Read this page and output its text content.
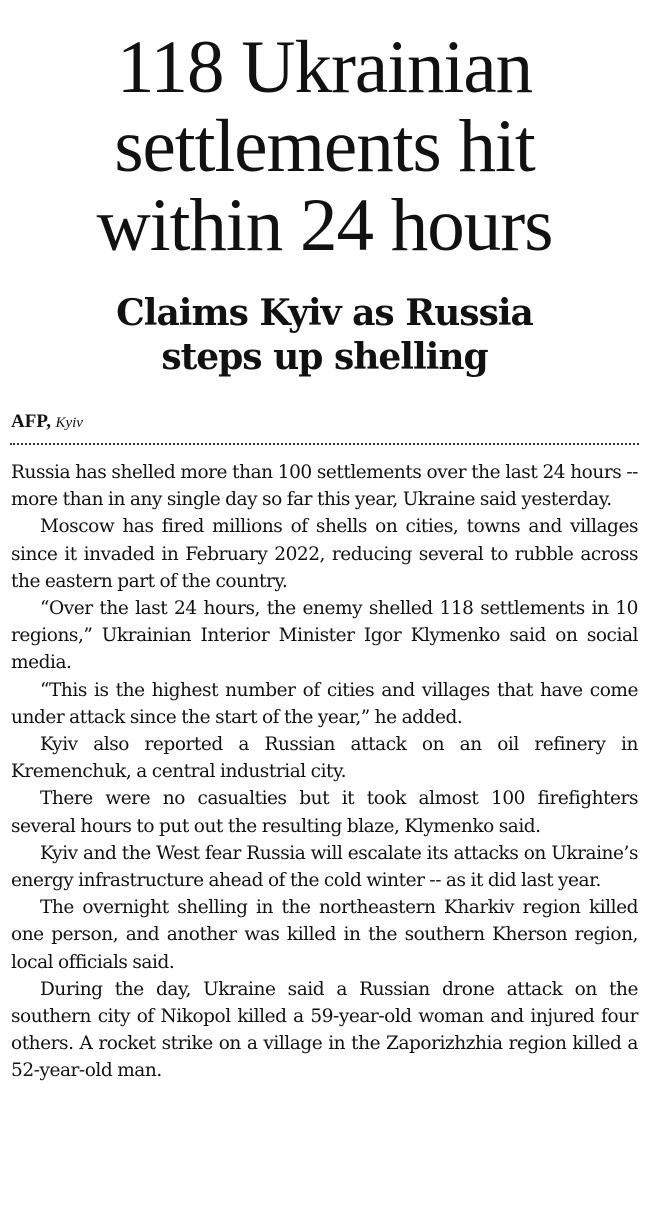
118 Ukrainian
settlements hit
within 24 hours
Claims Kyiv as Russia
steps up shelling
AFP, Kyiv

Russia has shelled more than 100 settlements over the last 24 hours -- more than in any single day so far this year, Ukraine said yesterday.

Moscow has fired millions of shells on cities, towns and villages since it invaded in February 2022, reducing several to rubble across the eastern part of the country.

“Over the last 24 hours, the enemy shelled 118 settlements in 10 regions,” Ukrainian Interior Minister Igor Klymenko said on social media.

“This is the highest number of cities and villages that have come under attack since the start of the year,” he added.

Kyiv also reported a Russian attack on an oil refinery in Kremenchuk, a central industrial city.

There were no casualties but it took almost 100 firefighters several hours to put out the resulting blaze, Klymenko said.

Kyiv and the West fear Russia will escalate its attacks on Ukraine’s energy infrastructure ahead of the cold winter -- as it did last year.

The overnight shelling in the northeastern Kharkiv region killed one person, and another was killed in the southern Kherson region, local officials said.

During the day, Ukraine said a Russian drone attack on the southern city of Nikopol killed a 59-year-old woman and injured four others. A rocket strike on a village in the Zaporizhzhia region killed a 52-year-old man.
